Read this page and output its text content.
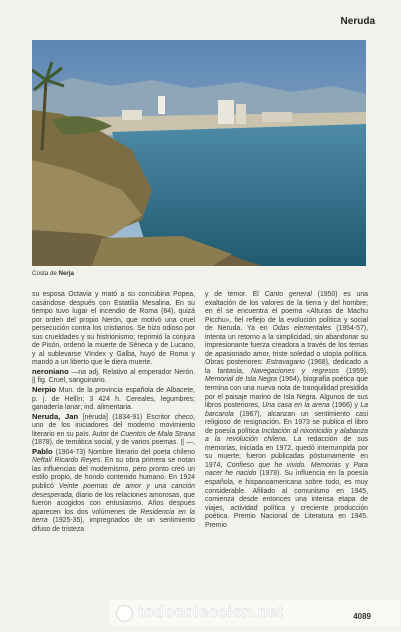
Neruda
Costa de Nerja

su esposa Octavia y mató a su concubina Popea, casándose después con Estatilia Mesalina. En su tiempo tuvo lugar el incendio de Roma (64), quizá por orden del propio Nerón, que motivó una cruel persecución contra los cristianos. Se hizo odioso por sus crueldades y su histrionismo; reprimió la conjura de Pisón, ordenó la muerte de Séneca y de Lucano, y al sublevarse Víndex y Galba, huyó de Roma y mandó a un liberto que le diera muerte.

neroniano —na adj. Relativo al emperador Nerón. || fig. Cruel, sanguinario.

Nerpio Mun. de la provincia española de Albacete, p. j. de Hellín; 3 424 h. Cereales, legumbres; ganadería lanar; ind. alimentaria.

Neruda, Jan [nèruda] (1834-91) Escritor checo, uno de los iniciadores del moderno movimiento literario en su país. Autor de Cuentos de Mala Strana (1878), de temática social, y de varios poemas. || —, Pablo (1904-73) Nombre literario del poeta chileno Neftalí Ricardo Reyes. En su obra primera se notan las influencias del modernismo, pero pronto creó un estilo propio, de hondo contenido humano. En 1924 publicó Veinte poemas de amor y una canción desesperada, diario de los relaciones amorosas, que fueron acogidos con entusiasmo. Años después aparecen los dos volúmenes de Residencia en la tierra (1925-35), impregnados de un sentimiento difuso de tristeza

y de temor. El Canto general (1950) es una exaltación de los valores de la tierra y del hombre; en él se encuentra el poema «Alturas de Machu Picchu», fiel reflejo de la evolución política y social de Neruda. Ya en Odas elementales (1954-57), intenta un retorno a la simplicidad, sin abandonar su impresionante fuerza creadora a través de los temas de apasionado amor, triste soledad o utopía política. Obras posteriores: Estravagario (1968), dedicado a la fantasía, Navegaciones y regresos (1959), Memorial de Isla Negra (1964), biografía poética que termina con una nueva nota de tranquilidad presidida por el paisaje marino de Isla Negra. Algunos de sus libros posteriores, Una casa en la arena (1966) y La barcarola (1967), alcanzan un sentimiento casi religioso de resignación. En 1973 se publica el libro de poesía política Incitación al nixonicidio y alabanza a la revolución chilena. La redacción de sus memorias, iniciada en 1972, quedó interrumpida por su muerte; fueron publicadas póstumamente en 1974, Confieso que he vivido. Memorias y Para nacer he nacido (1978). Su influencia en la poesía española, e hispanoamericana sobre todo, es muy considerable. Afiliado al comunismo en 1945, comienza desde entonces una intensa etapa de viajes, actividad política y creciente producción poética. Premio Nacional de Literatura en 1945. Premio

todocoleccion.net	4089
